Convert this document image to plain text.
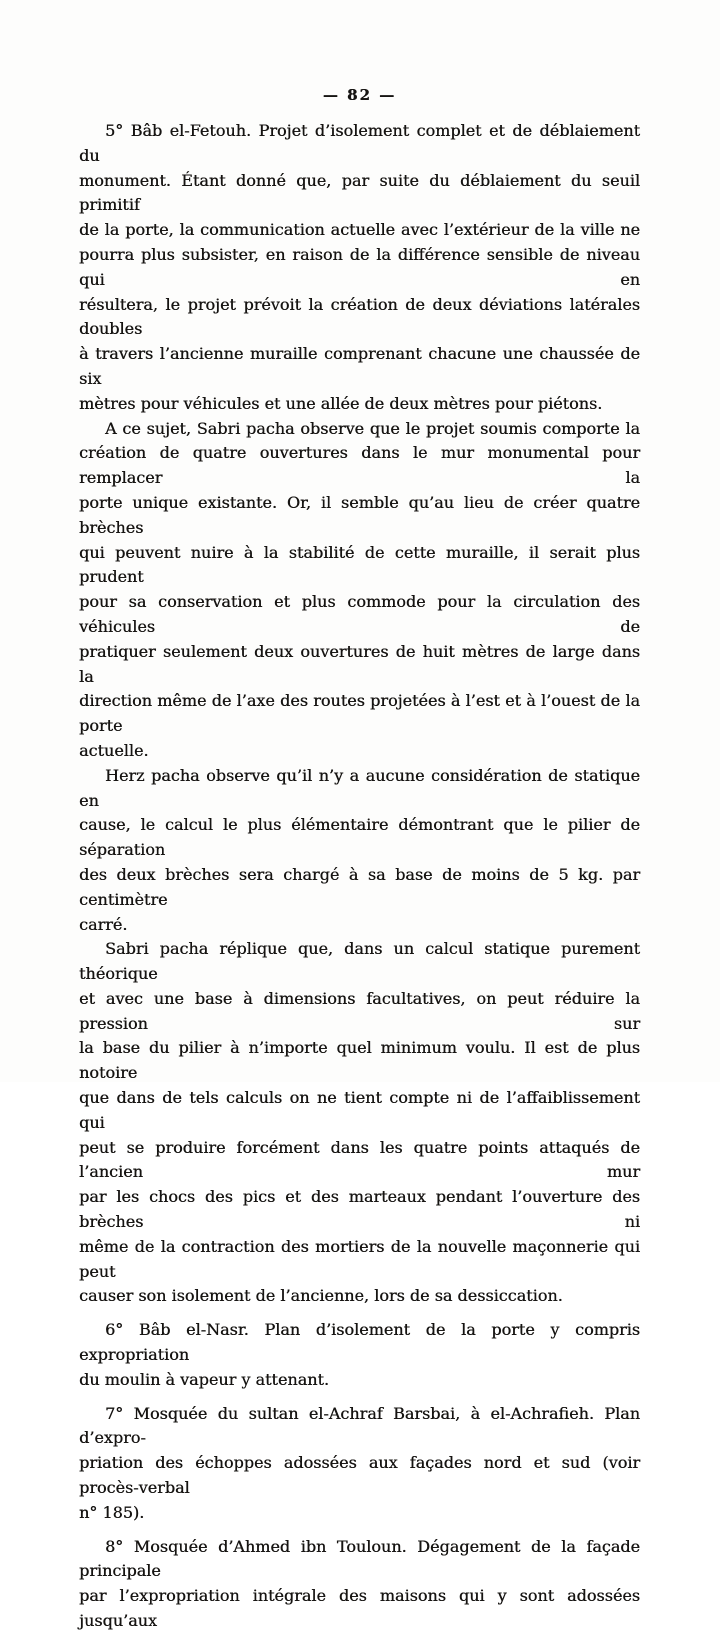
— 82 —

5° Bâb el-Fetouh. Projet d’isolement complet et de déblaiement du
monument. Étant donné que, par suite du déblaiement du seuil primitif
de la porte, la communication actuelle avec l’extérieur de la ville ne
pourra plus subsister, en raison de la différence sensible de niveau qui en
résultera, le projet prévoit la création de deux déviations latérales doubles
à travers l’ancienne muraille comprenant chacune une chaussée de six
mètres pour véhicules et une allée de deux mètres pour piétons.

A ce sujet, Sabri pacha observe que le projet soumis comporte la
création de quatre ouvertures dans le mur monumental pour remplacer la
porte unique existante. Or, il semble qu’au lieu de créer quatre brèches
qui peuvent nuire à la stabilité de cette muraille, il serait plus prudent
pour sa conservation et plus commode pour la circulation des véhicules de
pratiquer seulement deux ouvertures de huit mètres de large dans la
direction même de l’axe des routes projetées à l’est et à l’ouest de la porte
actuelle.

Herz pacha observe qu’il n’y a aucune considération de statique en
cause, le calcul le plus élémentaire démontrant que le pilier de séparation
des deux brèches sera chargé à sa base de moins de 5 kg. par centimètre
carré.

Sabri pacha réplique que, dans un calcul statique purement théorique
et avec une base à dimensions facultatives, on peut réduire la pression sur
la base du pilier à n’importe quel minimum voulu. Il est de plus notoire
que dans de tels calculs on ne tient compte ni de l’affaiblissement qui
peut se produire forcément dans les quatre points attaqués de l’ancien mur
par les chocs des pics et des marteaux pendant l’ouverture des brèches ni
même de la contraction des mortiers de la nouvelle maçonnerie qui peut
causer son isolement de l’ancienne, lors de sa dessiccation.

6° Bâb el-Nasr. Plan d’isolement de la porte y compris expropriation
du moulin à vapeur y attenant.

7° Mosquée du sultan el-Achraf Barsbai, à el-Achrafieh. Plan d’expro-
priation des échoppes adossées aux façades nord et sud (voir procès-verbal
n° 185).

8° Mosquée d’Ahmed ibn Touloun. Dégagement de la façade principale
par l’expropriation intégrale des maisons qui y sont adossées jusqu’aux
